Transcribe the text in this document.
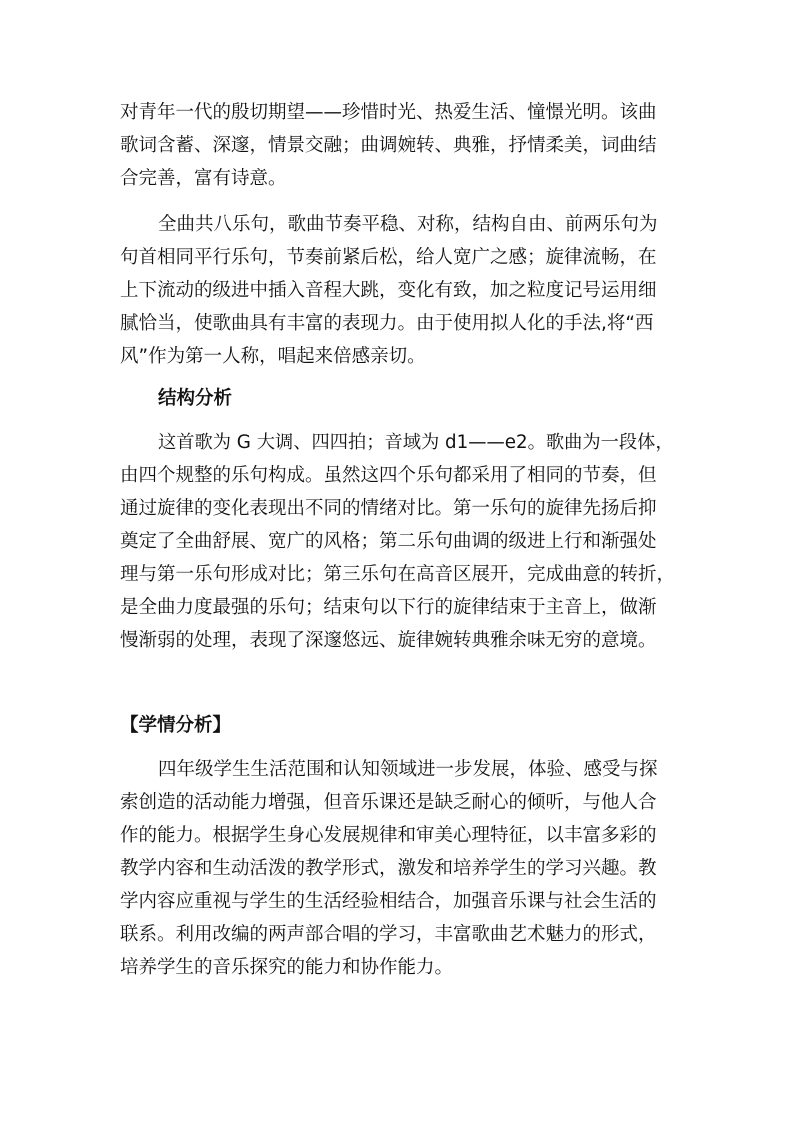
对青年一代的殷切期望——珍惜时光、热爱生活、憧憬光明。该曲
歌词含蓄、深邃，情景交融；曲调婉转、典雅，抒情柔美，词曲结
合完善，富有诗意。
全曲共八乐句，歌曲节奏平稳、对称，结构自由、前两乐句为
句首相同平行乐句，节奏前紧后松，给人宽广之感；旋律流畅，在
上下流动的级进中插入音程大跳，变化有致，加之粒度记号运用细
腻恰当，使歌曲具有丰富的表现力。由于使用拟人化的手法,将“西
风”作为第一人称，唱起来倍感亲切。
结构分析
这首歌为 G 大调、四四拍；音域为 d1——e2。歌曲为一段体，
由四个规整的乐句构成。虽然这四个乐句都采用了相同的节奏，但
通过旋律的变化表现出不同的情绪对比。第一乐句的旋律先扬后抑
奠定了全曲舒展、宽广的风格；第二乐句曲调的级进上行和渐强处
理与第一乐句形成对比；第三乐句在高音区展开，完成曲意的转折，
是全曲力度最强的乐句；结束句以下行的旋律结束于主音上，做渐
慢渐弱的处理，表现了深邃悠远、旋律婉转典雅余味无穷的意境。
【学情分析】
四年级学生生活范围和认知领域进一步发展，体验、感受与探
索创造的活动能力增强，但音乐课还是缺乏耐心的倾听，与他人合
作的能力。根据学生身心发展规律和审美心理特征，以丰富多彩的
教学内容和生动活泼的教学形式，激发和培养学生的学习兴趣。教
学内容应重视与学生的生活经验相结合，加强音乐课与社会生活的
联系。利用改编的两声部合唱的学习，丰富歌曲艺术魅力的形式，
培养学生的音乐探究的能力和协作能力。
